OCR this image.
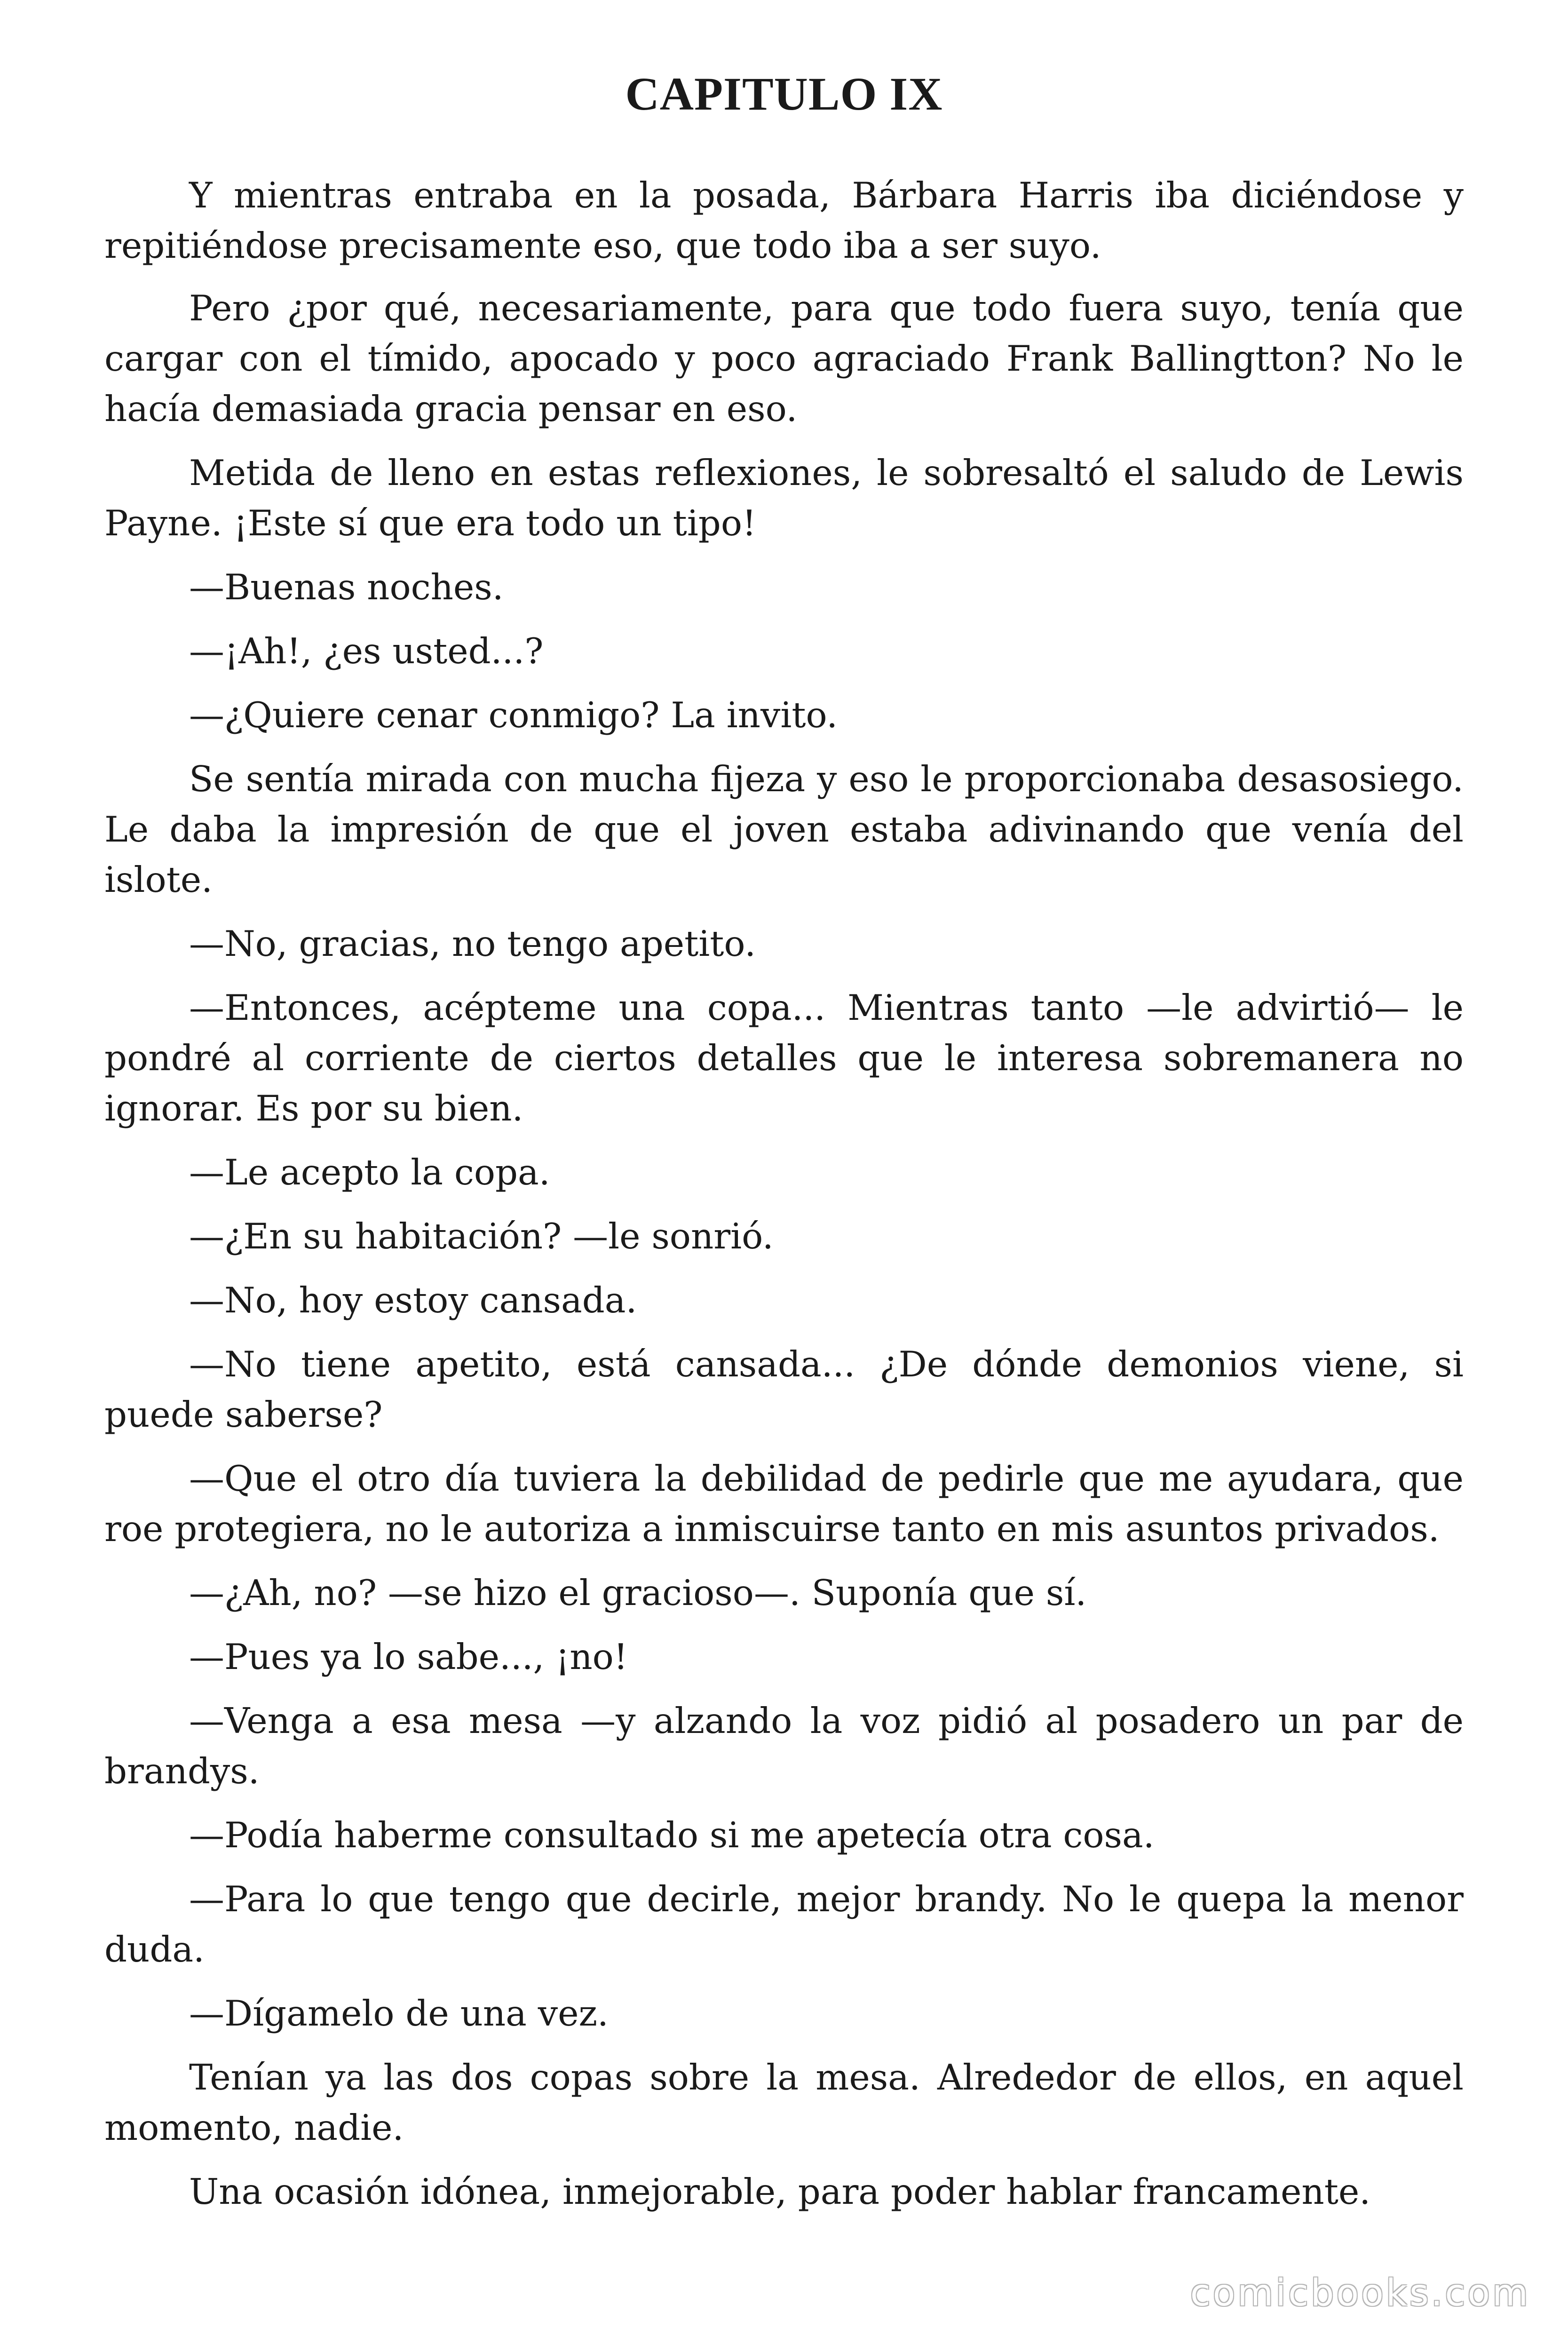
CAPITULO IX

Y mientras entraba en la posada, Bárbara Harris iba diciéndose y repitiéndose precisamente eso, que todo iba a ser suyo.

Pero ¿por qué, necesariamente, para que todo fuera suyo, tenía que cargar con el tímido, apocado y poco agraciado Frank Ballingtton? No le hacía demasiada gracia pensar en eso.

Metida de lleno en estas reflexiones, le sobresaltó el saludo de Lewis Payne. ¡Este sí que era todo un tipo!

—Buenas noches.

—¡Ah!, ¿es usted...?

—¿Quiere cenar conmigo? La invito.

Se sentía mirada con mucha fijeza y eso le proporcionaba desasosiego. Le daba la impresión de que el joven estaba adivinando que venía del islote.

—No, gracias, no tengo apetito.

—Entonces, acépteme una copa... Mientras tanto —le advirtió— le pondré al corriente de ciertos detalles que le interesa sobremanera no ignorar. Es por su bien.

—Le acepto la copa.

—¿En su habitación? —le sonrió.

—No, hoy estoy cansada.

—No tiene apetito, está cansada... ¿De dónde demonios viene, si puede saberse?

—Que el otro día tuviera la debilidad de pedirle que me ayudara, que roe protegiera, no le autoriza a inmiscuirse tanto en mis asuntos privados.

—¿Ah, no? —se hizo el gracioso—. Suponía que sí.

—Pues ya lo sabe..., ¡no!

—Venga a esa mesa —y alzando la voz pidió al posadero un par de brandys.

—Podía haberme consultado si me apetecía otra cosa.

—Para lo que tengo que decirle, mejor brandy. No le quepa la menor duda.

—Dígamelo de una vez.

Tenían ya las dos copas sobre la mesa. Alrededor de ellos, en aquel momento, nadie.

Una ocasión idónea, inmejorable, para poder hablar francamente.

comicbooks.com
